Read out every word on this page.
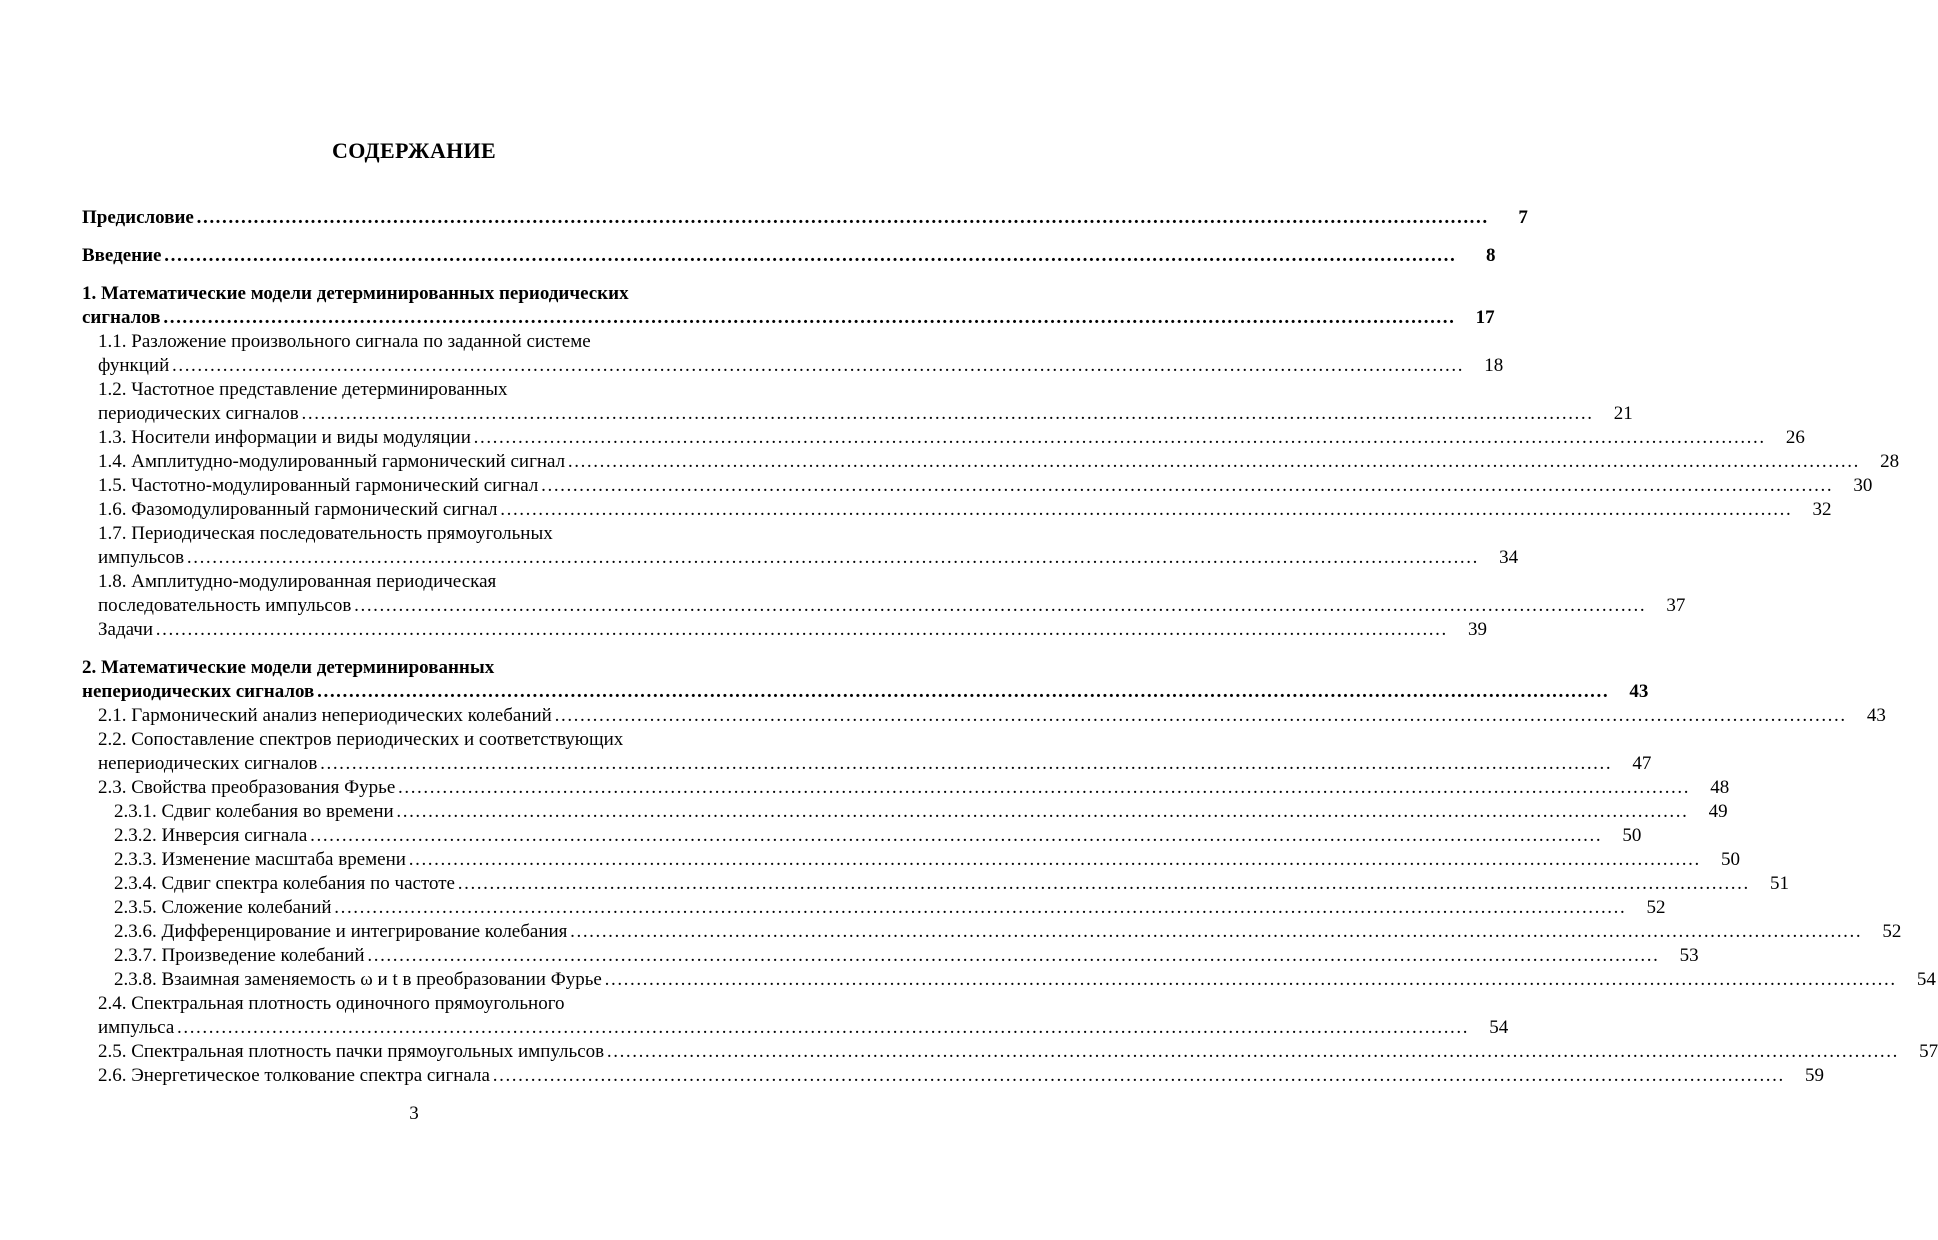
СОДЕРЖАНИЕ
Предисловие ……………………………………………………………………………………………………………………………………………………………………………………	7
Введение ……………………………………………………………………………………………………………………………………………………………………………………	8
1. Математические модели детерминированных периодических
сигналов ……………………………………………………………………………………………………………………………………………………………………………………	17
1.1. Разложение произвольного сигнала по заданной системе
функций ……………………………………………………………………………………………………………………………………………………………………………………	18
1.2. Частотное представление детерминированных
периодических сигналов ……………………………………………………………………………………………………………………………………………………………………………………	21
1.3. Носители информации и виды модуляции ……………………………………………………………………………………………………………………………………………………………………………………	26
1.4. Амплитудно-модулированный гармонический сигнал ……………………………………………………………………………………………………………………………………………………………………………………	28
1.5. Частотно-модулированный гармонический сигнал ……………………………………………………………………………………………………………………………………………………………………………………	30
1.6. Фазомодулированный гармонический сигнал ……………………………………………………………………………………………………………………………………………………………………………………	32
1.7. Периодическая последовательность прямоугольных
импульсов ……………………………………………………………………………………………………………………………………………………………………………………	34
1.8. Амплитудно-модулированная периодическая
последовательность импульсов ……………………………………………………………………………………………………………………………………………………………………………………	37
Задачи ……………………………………………………………………………………………………………………………………………………………………………………	39
2. Математические модели детерминированных
непериодических сигналов ……………………………………………………………………………………………………………………………………………………………………………………	43
2.1. Гармонический анализ непериодических колебаний ……………………………………………………………………………………………………………………………………………………………………………………	43
2.2. Сопоставление спектров периодических и соответствующих
непериодических сигналов ……………………………………………………………………………………………………………………………………………………………………………………	47
2.3. Свойства преобразования Фурье ……………………………………………………………………………………………………………………………………………………………………………………	48
2.3.1. Сдвиг колебания во времени ……………………………………………………………………………………………………………………………………………………………………………………	49
2.3.2. Инверсия сигнала ……………………………………………………………………………………………………………………………………………………………………………………	50
2.3.3. Изменение масштаба времени ……………………………………………………………………………………………………………………………………………………………………………………	50
2.3.4. Сдвиг спектра колебания по частоте ……………………………………………………………………………………………………………………………………………………………………………………	51
2.3.5. Сложение колебаний ……………………………………………………………………………………………………………………………………………………………………………………	52
2.3.6. Дифференцирование и интегрирование колебания ……………………………………………………………………………………………………………………………………………………………………………………	52
2.3.7. Произведение колебаний ……………………………………………………………………………………………………………………………………………………………………………………	53
2.3.8. Взаимная заменяемость ω и t в преобразовании Фурье ……………………………………………………………………………………………………………………………………………………………………………………	54
2.4. Спектральная плотность одиночного прямоугольного
импульса ……………………………………………………………………………………………………………………………………………………………………………………	54
2.5. Спектральная плотность пачки прямоугольных импульсов ……………………………………………………………………………………………………………………………………………………………………………………	57
2.6. Энергетическое толкование спектра сигнала ……………………………………………………………………………………………………………………………………………………………………………………	59
3
